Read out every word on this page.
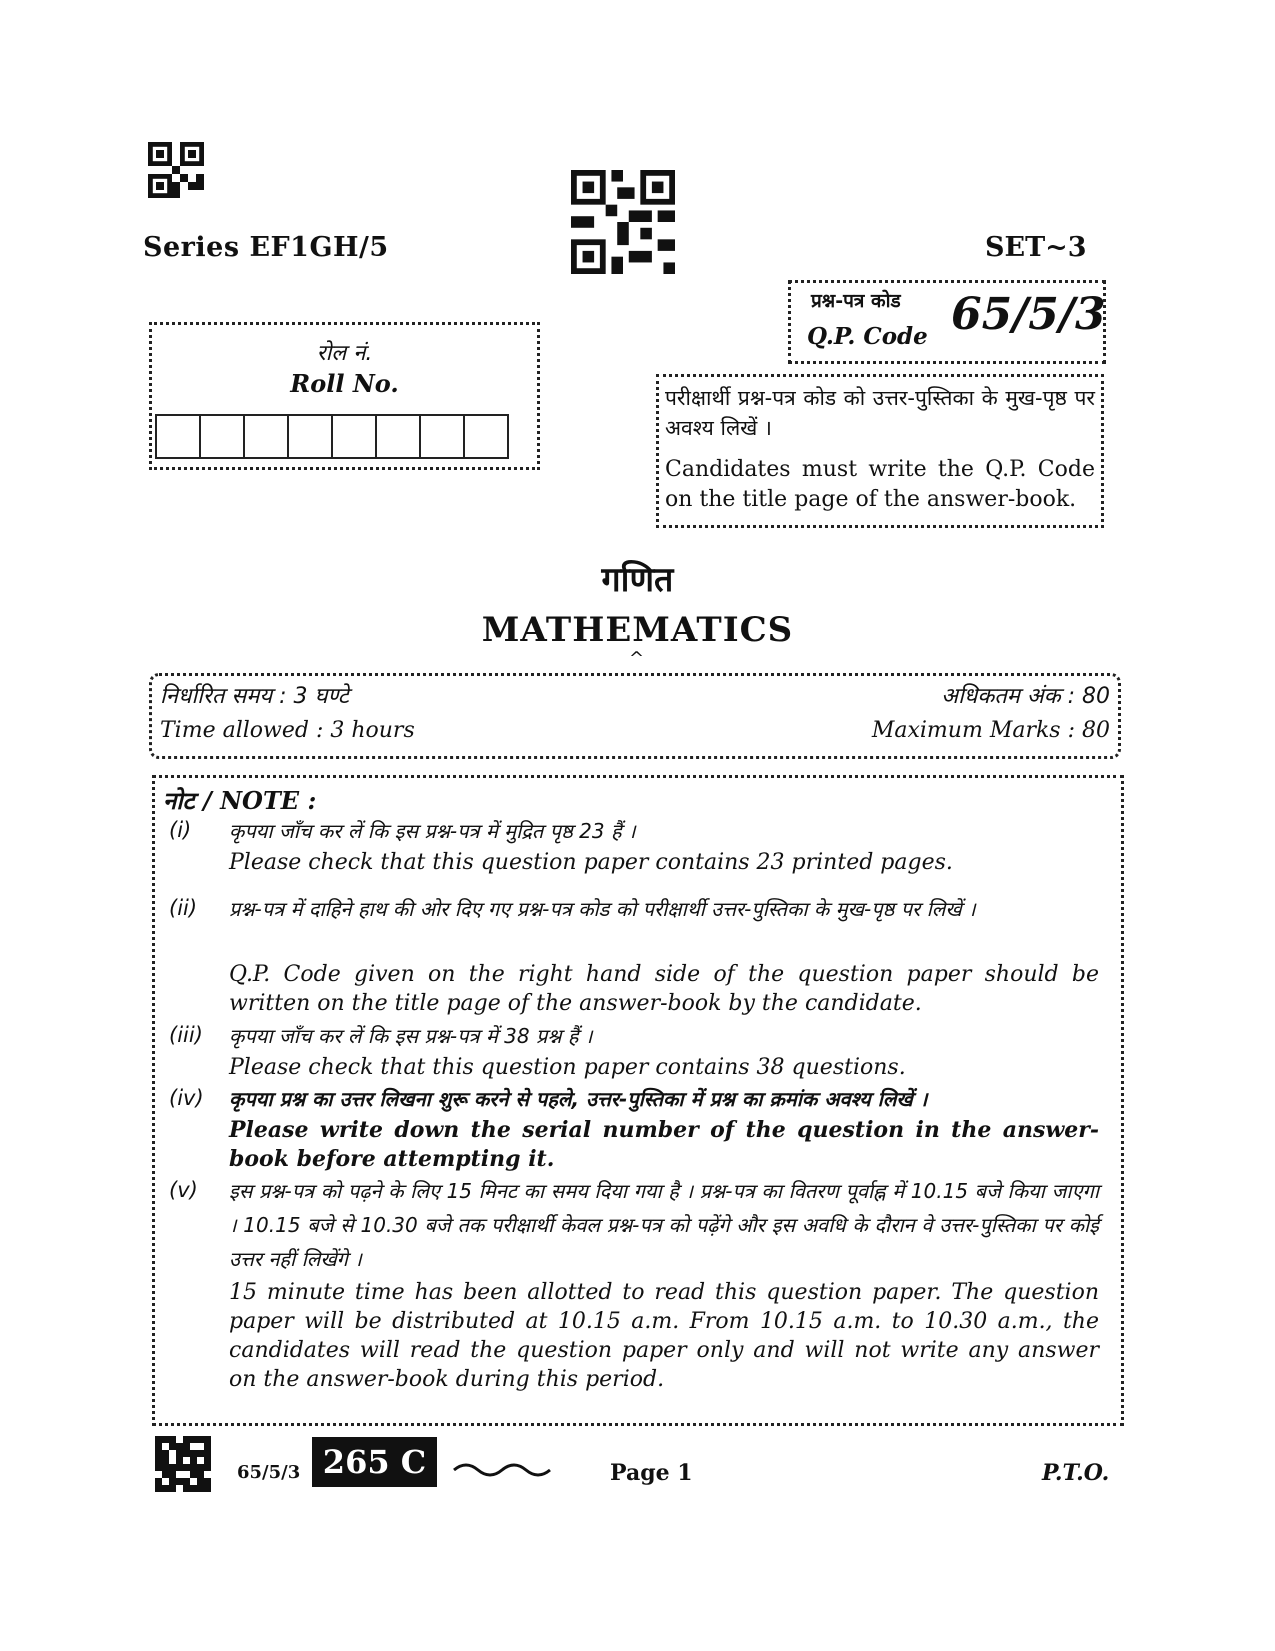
Series EF1GH/5	SET~3
प्रश्न-पत्र कोड
Q.P. Code 65/5/3
रोल नं.
Roll No.	परीक्षार्थी प्रश्न-पत्र कोड को उत्तर-पुस्तिका के मुख-पृष्ठ पर अवश्य लिखें ।
Candidates must write the Q.P. Code on the title page of the answer-book.
गणित
MATHEMATICS
^
निर्धारित समय : 3 घण्टे
Time allowed : 3 hours
अधिकतम अंक : 80
Maximum Marks : 80
नोट / NOTE :
(i) कृपया जाँच कर लें कि इस प्रश्न-पत्र में मुद्रित पृष्ठ 23 हैं ।
Please check that this question paper contains 23 printed pages.
(ii) प्रश्न-पत्र में दाहिने हाथ की ओर दिए गए प्रश्न-पत्र कोड को परीक्षार्थी उत्तर-पुस्तिका के मुख-पृष्ठ पर लिखें ।
Q.P. Code given on the right hand side of the question paper should be written on the title page of the answer-book by the candidate.
(iii) कृपया जाँच कर लें कि इस प्रश्न-पत्र में 38 प्रश्न हैं ।
Please check that this question paper contains 38 questions.
(iv) कृपया प्रश्न का उत्तर लिखना शुरू करने से पहले, उत्तर-पुस्तिका में प्रश्न का क्रमांक अवश्य लिखें ।
Please write down the serial number of the question in the answer-book before attempting it.
(v) इस प्रश्न-पत्र को पढ़ने के लिए 15 मिनट का समय दिया गया है । प्रश्न-पत्र का वितरण पूर्वाह्न में 10.15 बजे किया जाएगा । 10.15 बजे से 10.30 बजे तक परीक्षार्थी केवल प्रश्न-पत्र को पढ़ेंगे और इस अवधि के दौरान वे उत्तर-पुस्तिका पर कोई उत्तर नहीं लिखेंगे ।
15 minute time has been allotted to read this question paper. The question paper will be distributed at 10.15 a.m. From 10.15 a.m. to 10.30 a.m., the candidates will read the question paper only and will not write any answer on the answer-book during this period.
65/5/3 265 C	Page 1	P.T.O.
